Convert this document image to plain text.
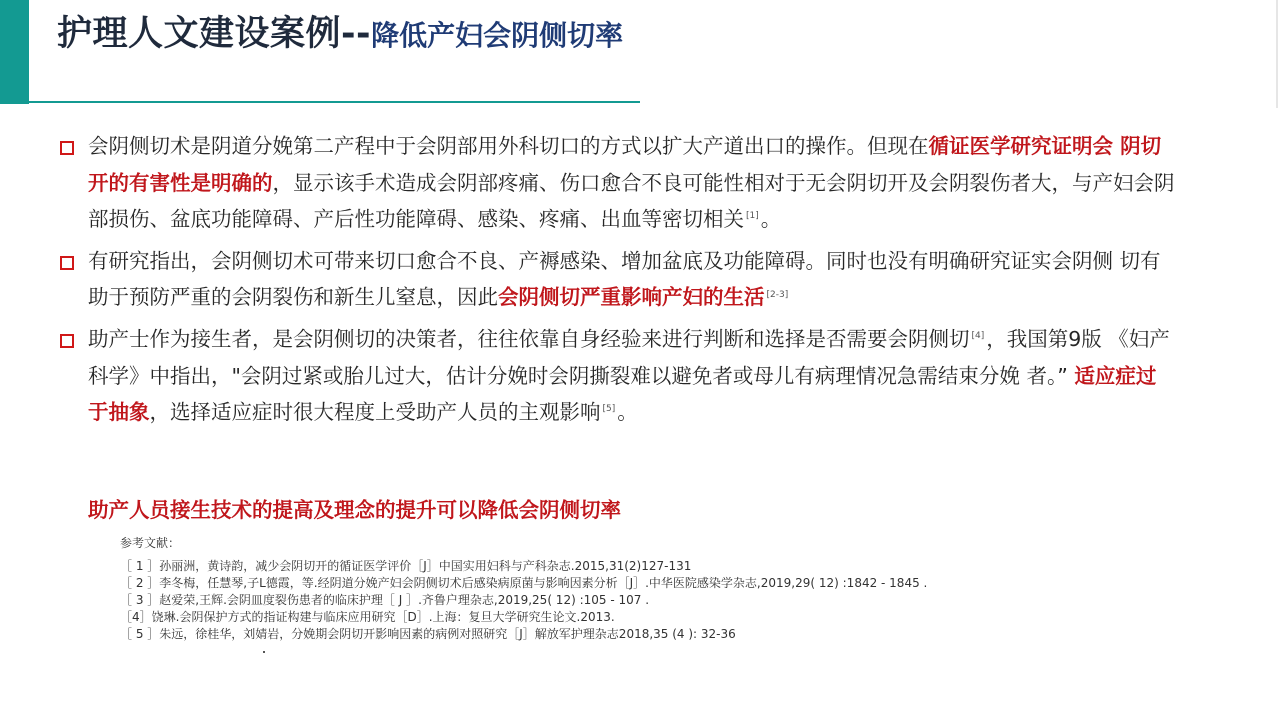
护理人文建设案例-- 降低产妇会阴侧切率
会阴侧切术是阴道分娩第二产程中于会阴部用外科切口的方式以扩大产道出口的操作。但现在循证医学研究证明会 阴切开的有害性是明确的，显示该手术造成会阴部疼痛、伤口愈合不良可能性相对于无会阴切开及会阴裂伤者大，与产妇会阴部损伤、盆底功能障碍、产后性功能障碍、感染、疼痛、出血等密切相关 [1]。
有研究指出，会阴侧切术可带来切口愈合不良、产褥感染、增加盆底及功能障碍。同时也没有明确研究证实会阴侧 切有助于预防严重的会阴裂伤和新生儿窒息，因此会阴侧切严重影响产妇的生活 [2-3]
助产士作为接生者，是会阴侧切的决策者，往往依靠自身经验来进行判断和选择是否需要会阴侧切 [4]，我国第9版 《妇产科学》中指出，"会阴过紧或胎儿过大，估计分娩时会阴撕裂难以避免者或母儿有病理情况急需结束分娩 者。” 适应症过于抽象，选择适应症时很大程度上受助产人员的主观影响 [5]。
助产人员接生技术的提高及理念的提升可以降低会阴侧切率
参考文献：
［ 1 ］孙丽洲，黄诗韵，减少会阴切开的循证医学评价［J］中国实用妇科与产科杂志.2015,31(2)127-131
［ 2 ］李冬梅，任慧琴,子L德霞，等.经阴道分娩产妇会阴侧切术后感染病原菌与影响因素分析［J］.中华医院感染学杂志,2019,29( 12) :1842 - 1845 .
［ 3 ］赵爱荣,王辉.会阴皿度裂伤患者的临床护理［ J ］.齐鲁户理杂志,2019,25( 12) :105 - 107 .
［4］饶琳.会阴保护方式的指证构建与临床应用研究［D］.上海：复旦大学研究生论文.2013.
［ 5 ］朱远，徐桂华，刘婧岩，分娩期会阴切开影响因素的病例对照研究［J］解放军护理杂志2018,35 (4 ): 32-36
